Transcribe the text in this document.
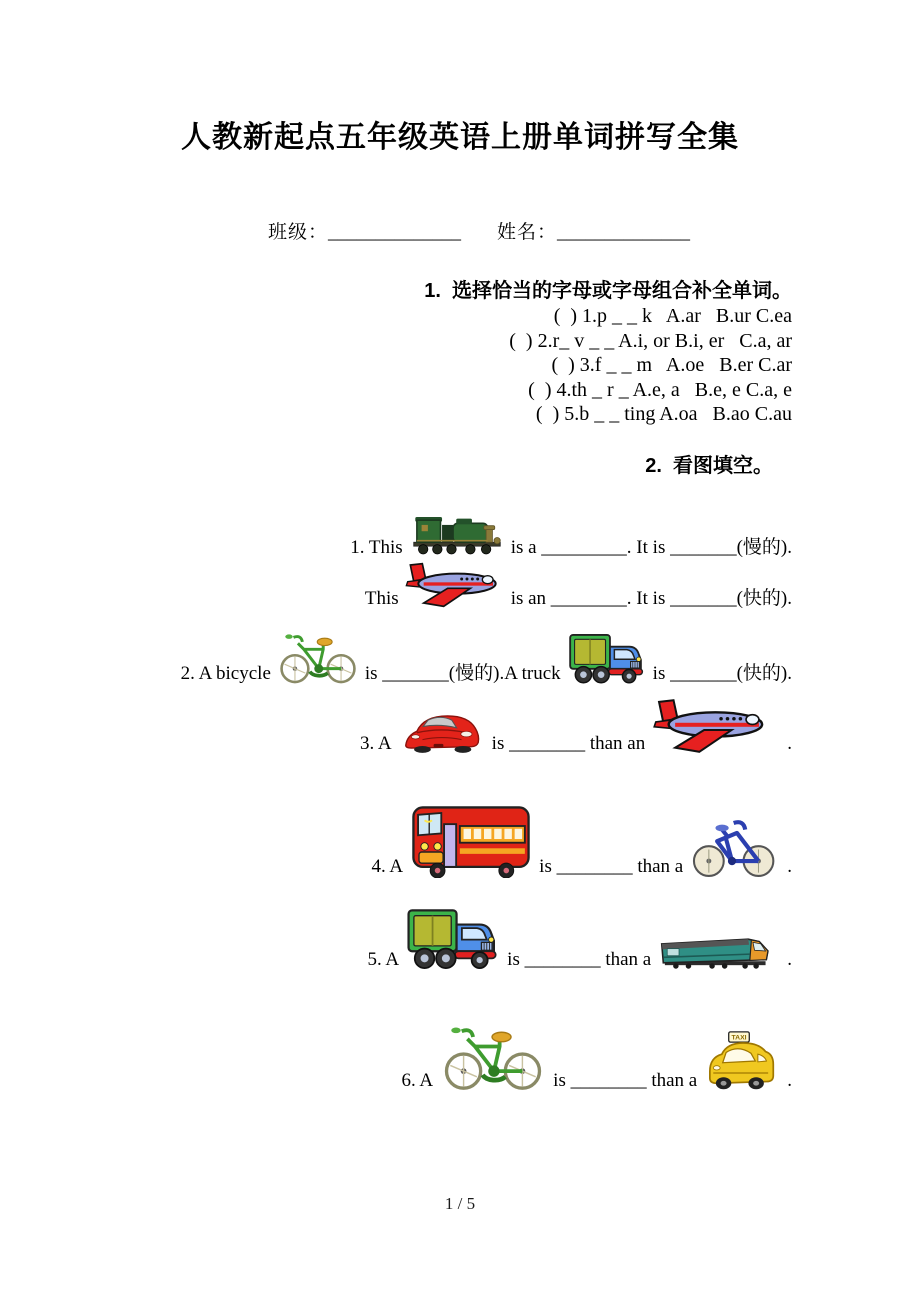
人教新起点五年级英语上册单词拼写全集
班级：______________ 姓名：______________
1.  选择恰当的字母或字母组合补全单词。
(  ) 1.p _ _ k   A.ar   B.ur C.ea
(  ) 2.r_ v _ _ A.i, or B.i, er   C.a, ar
(  ) 3.f _ _ m   A.oe   B.er C.ar
(  ) 4.th _ r _ A.e, a   B.e, e C.a, e
(  ) 5.b _ _ ting A.oa   B.ao C.au
2.  看图填空。
1. This	is a _________. It is _______(慢的).
This	is an ________. It is _______(快的).
2. A bicycle	is _______(慢的).A truck	is _______(快的).
3. A	is ________ than an	.
4. A	is ________ than a	.
5. A	is ________ than a	.
6. A	is ________ than a
TAXI
.
1 / 5
